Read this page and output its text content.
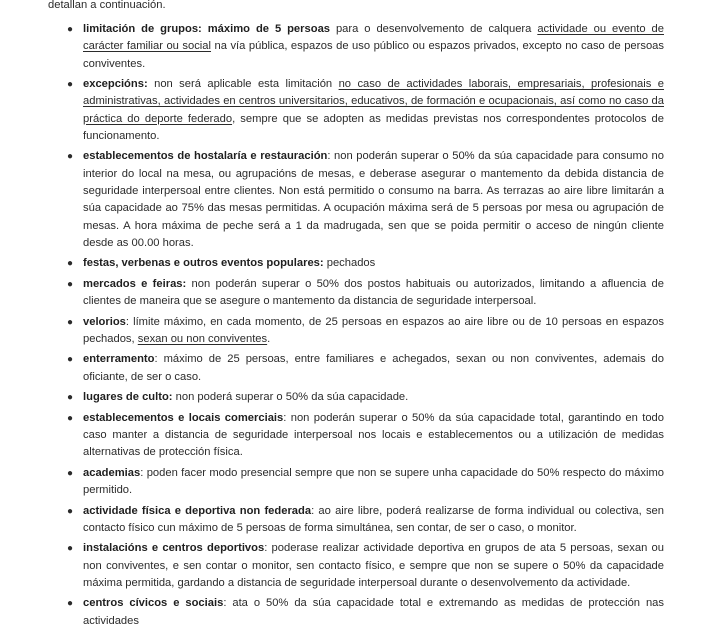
detallan a continuación.
● limitación de grupos: máximo de 5 persoas para o desenvolvemento de calquera actividade ou evento de carácter familiar ou social na vía pública, espazos de uso público ou espazos privados, excepto no caso de persoas conviventes.
● excepcións: non será aplicable esta limitación no caso de actividades laborais, empresariais, profesionais e administrativas, actividades en centros universitarios, educativos, de formación e ocupacionais, así como no caso da práctica do deporte federado, sempre que se adopten as medidas previstas nos correspondentes protocolos de funcionamento.
● establecementos de hostalaría e restauración: non poderán superar o 50% da súa capacidade para consumo no interior do local na mesa, ou agrupacións de mesas, e deberase asegurar o mantemento da debida distancia de seguridade interpersoal entre clientes. Non está permitido o consumo na barra. As terrazas ao aire libre limitarán a súa capacidade ao 75% das mesas permitidas. A ocupación máxima será de 5 persoas por mesa ou agrupación de mesas. A hora máxima de peche será a 1 da madrugada, sen que se poida permitir o acceso de ningún cliente desde as 00.00 horas.
● festas, verbenas e outros eventos populares: pechados
● mercados e feiras: non poderán superar o 50% dos postos habituais ou autorizados, limitando a afluencia de clientes de maneira que se asegure o mantemento da distancia de seguridade interpersoal.
● velorios: límite máximo, en cada momento, de 25 persoas en espazos ao aire libre ou de 10 persoas en espazos pechados, sexan ou non conviventes.
● enterramento: máximo de 25 persoas, entre familiares e achegados, sexan ou non conviventes, ademais do oficiante, de ser o caso.
● lugares de culto: non poderá superar o 50% da súa capacidade.
● establecementos e locais comerciais: non poderán superar o 50% da súa capacidade total, garantindo en todo caso manter a distancia de seguridade interpersoal nos locais e establecementos ou a utilización de medidas alternativas de protección física.
● academias: poden facer modo presencial sempre que non se supere unha capacidade do 50% respecto do máximo permitido.
● actividade física e deportiva non federada: ao aire libre, poderá realizarse de forma individual ou colectiva, sen contacto físico cun máximo de 5 persoas de forma simultánea, sen contar, de ser o caso, o monitor.
● instalacións e centros deportivos: poderase realizar actividade deportiva en grupos de ata 5 persoas, sexan ou non conviventes, e sen contar o monitor, sen contacto físico, e sempre que non se supere o 50% da capacidade máxima permitida, gardando a distancia de seguridade interpersoal durante o desenvolvemento da actividade.
● centros cívicos e sociais: ata o 50% da súa capacidade total e extremando as medidas de protección nas actividades
